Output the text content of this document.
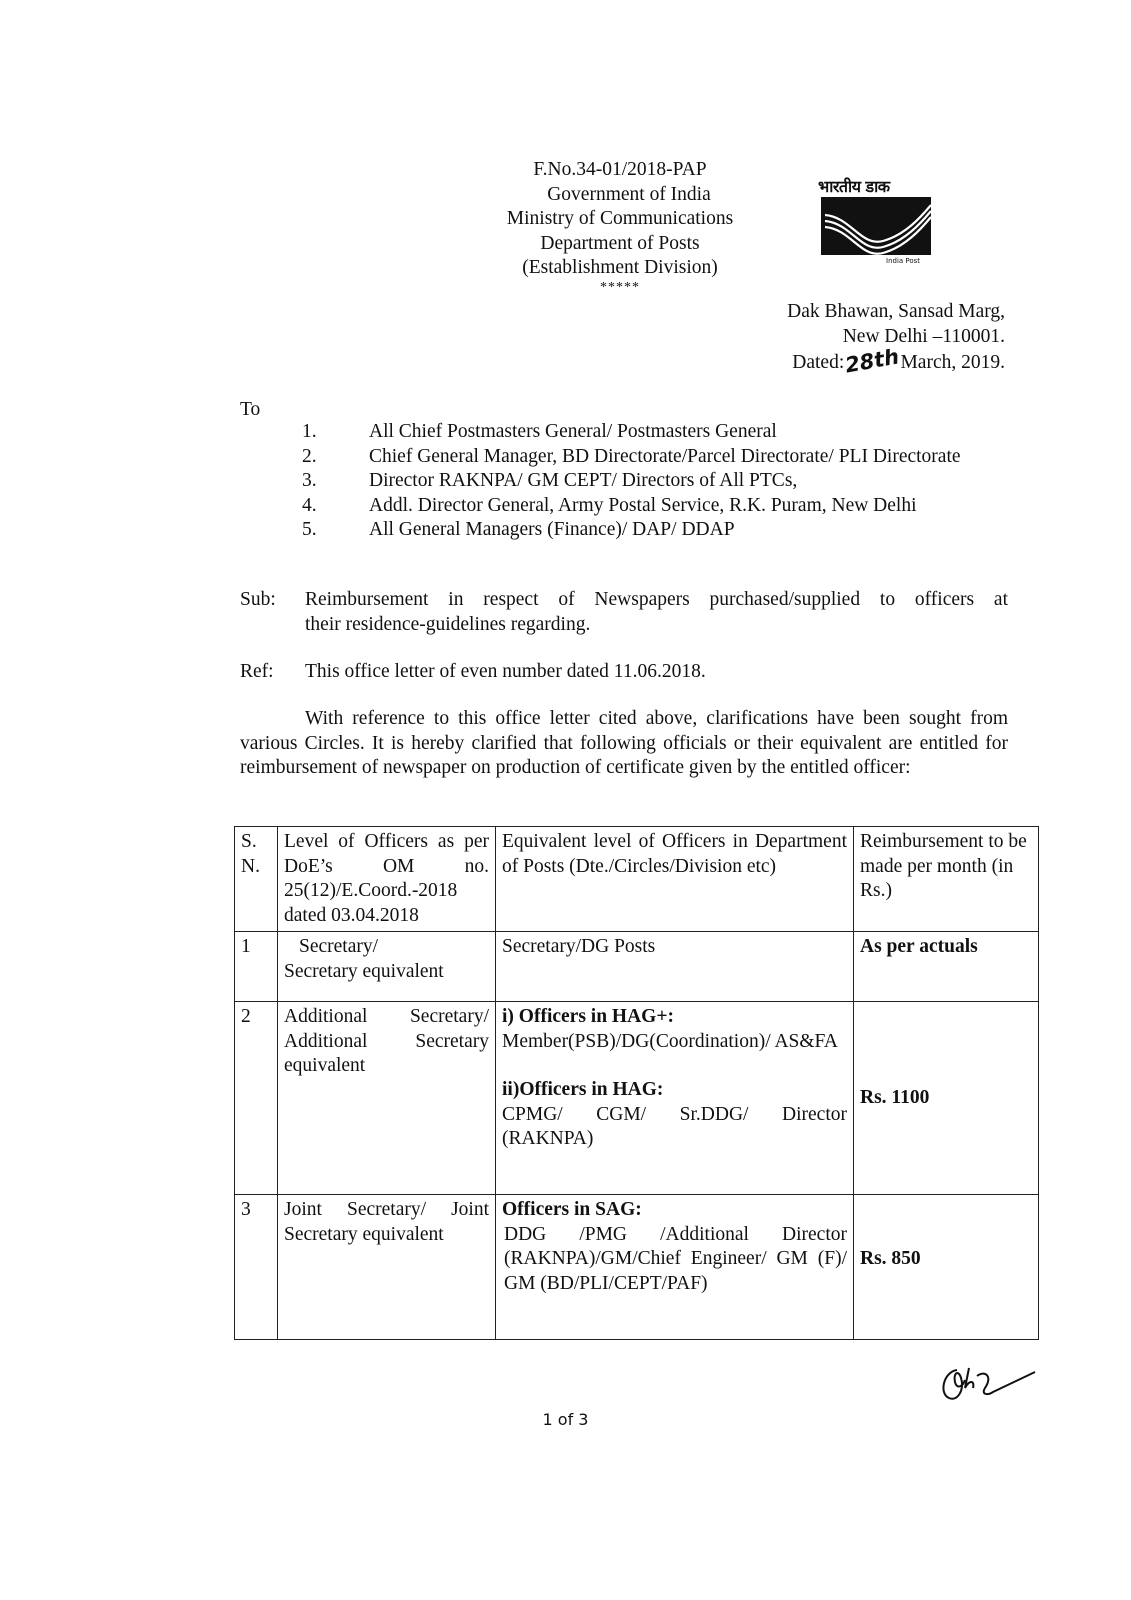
F.No.34-01/2018-PAP
Government of India
Ministry of Communications
Department of Posts
(Establishment Division)
*****
भारतीय डाक
India Post
Dak Bhawan, Sansad Marg,
New Delhi –110001.
Dated:28thMarch, 2019.
To
1.	All Chief Postmasters General/ Postmasters General
2.	Chief General Manager, BD Directorate/Parcel Directorate/ PLI Directorate
3.	Director RAKNPA/ GM CEPT/ Directors of All PTCs,
4.	Addl. Director General, Army Postal Service, R.K. Puram, New Delhi
5.	All General Managers (Finance)/ DAP/ DDAP
Sub:	Reimbursement in respect of Newspapers purchased/supplied to officers at
their residence-guidelines regarding.
Ref:	This office letter of even number dated 11.06.2018.
With reference to this office letter cited above, clarifications have been sought from various Circles. It is hereby clarified that following officials or their equivalent are entitled for reimbursement of newspaper on production of certificate given by the entitled officer:
S. N.	Level of Officers as per DoE’s OM no. 25(12)/E.Coord.-2018 dated 03.04.2018	Equivalent level of Officers in Department of Posts (Dte./Circles/Division etc)	Reimbursement to be made per month (in Rs.)
1	Secretary/
Secretary equivalent	Secretary/DG Posts	As per actuals
2	Additional Secretary/ Additional Secretary equivalent	i) Officers in HAG+:
Member(PSB)/DG(Coordination)/ AS&FA
ii)Officers in HAG:
CPMG/ CGM/ Sr.DDG/ Director (RAKNPA)	Rs. 1100
3	Joint Secretary/ Joint Secretary equivalent	Officers in SAG:
DDG /PMG /Additional Director (RAKNPA)/GM/Chief Engineer/ GM (F)/ GM (BD/PLI/CEPT/PAF)	Rs. 850
1 of 3
